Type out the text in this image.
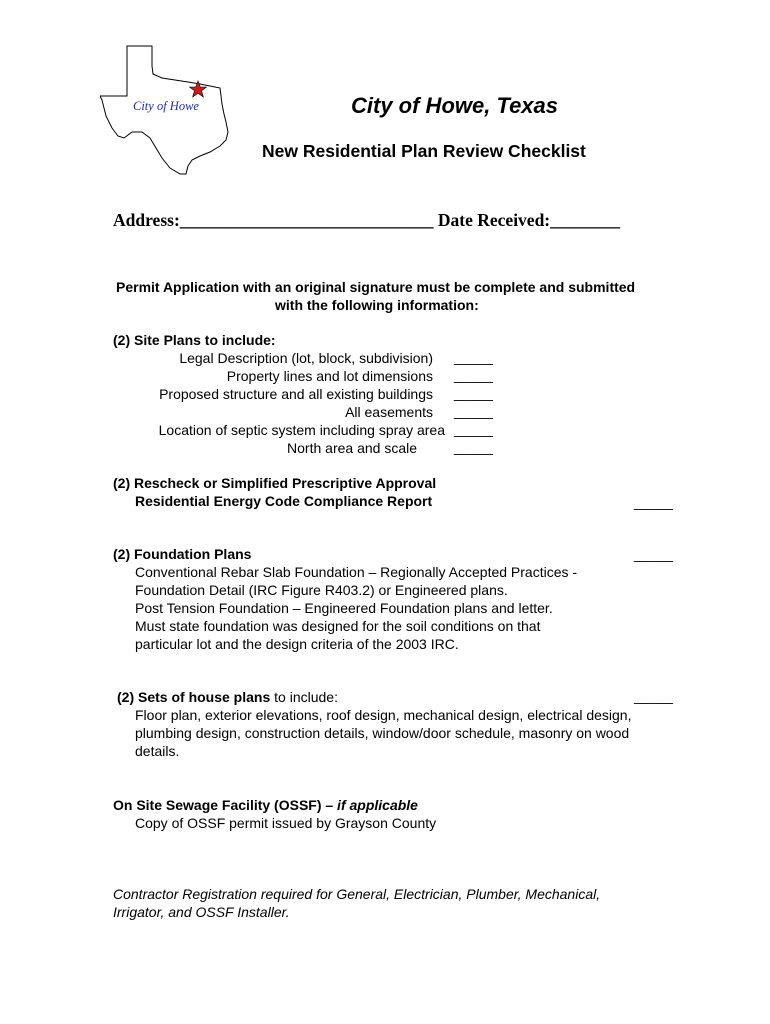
City of Howe	City of Howe, Texas
New Residential Plan Review Checklist
Address:_____________________________ Date Received:________
Permit Application with an original signature must be complete and submitted
with the following information:
(2) Site Plans to include:
Legal Description (lot, block, subdivision) _____
Property lines and lot dimensions _____
Proposed structure and all existing buildings _____
All easements _____
Location of septic system including spray area _____
North area and scale	_____
(2) Rescheck or Simplified Prescriptive Approval
Residential Energy Code Compliance Report	_____
(2) Foundation Plans	_____
Conventional Rebar Slab Foundation – Regionally Accepted Practices -
Foundation Detail (IRC Figure R403.2) or Engineered plans.
Post Tension Foundation – Engineered Foundation plans and letter.
Must state foundation was designed for the soil conditions on that
particular lot and the design criteria of the 2003 IRC.
(2) Sets of house plans to include:	_____
Floor plan, exterior elevations, roof design, mechanical design, electrical design,
plumbing design, construction details, window/door schedule, masonry on wood
details.
On Site Sewage Facility (OSSF) – if applicable
Copy of OSSF permit issued by Grayson County
Contractor Registration required for General, Electrician, Plumber, Mechanical,
Irrigator, and OSSF Installer.
